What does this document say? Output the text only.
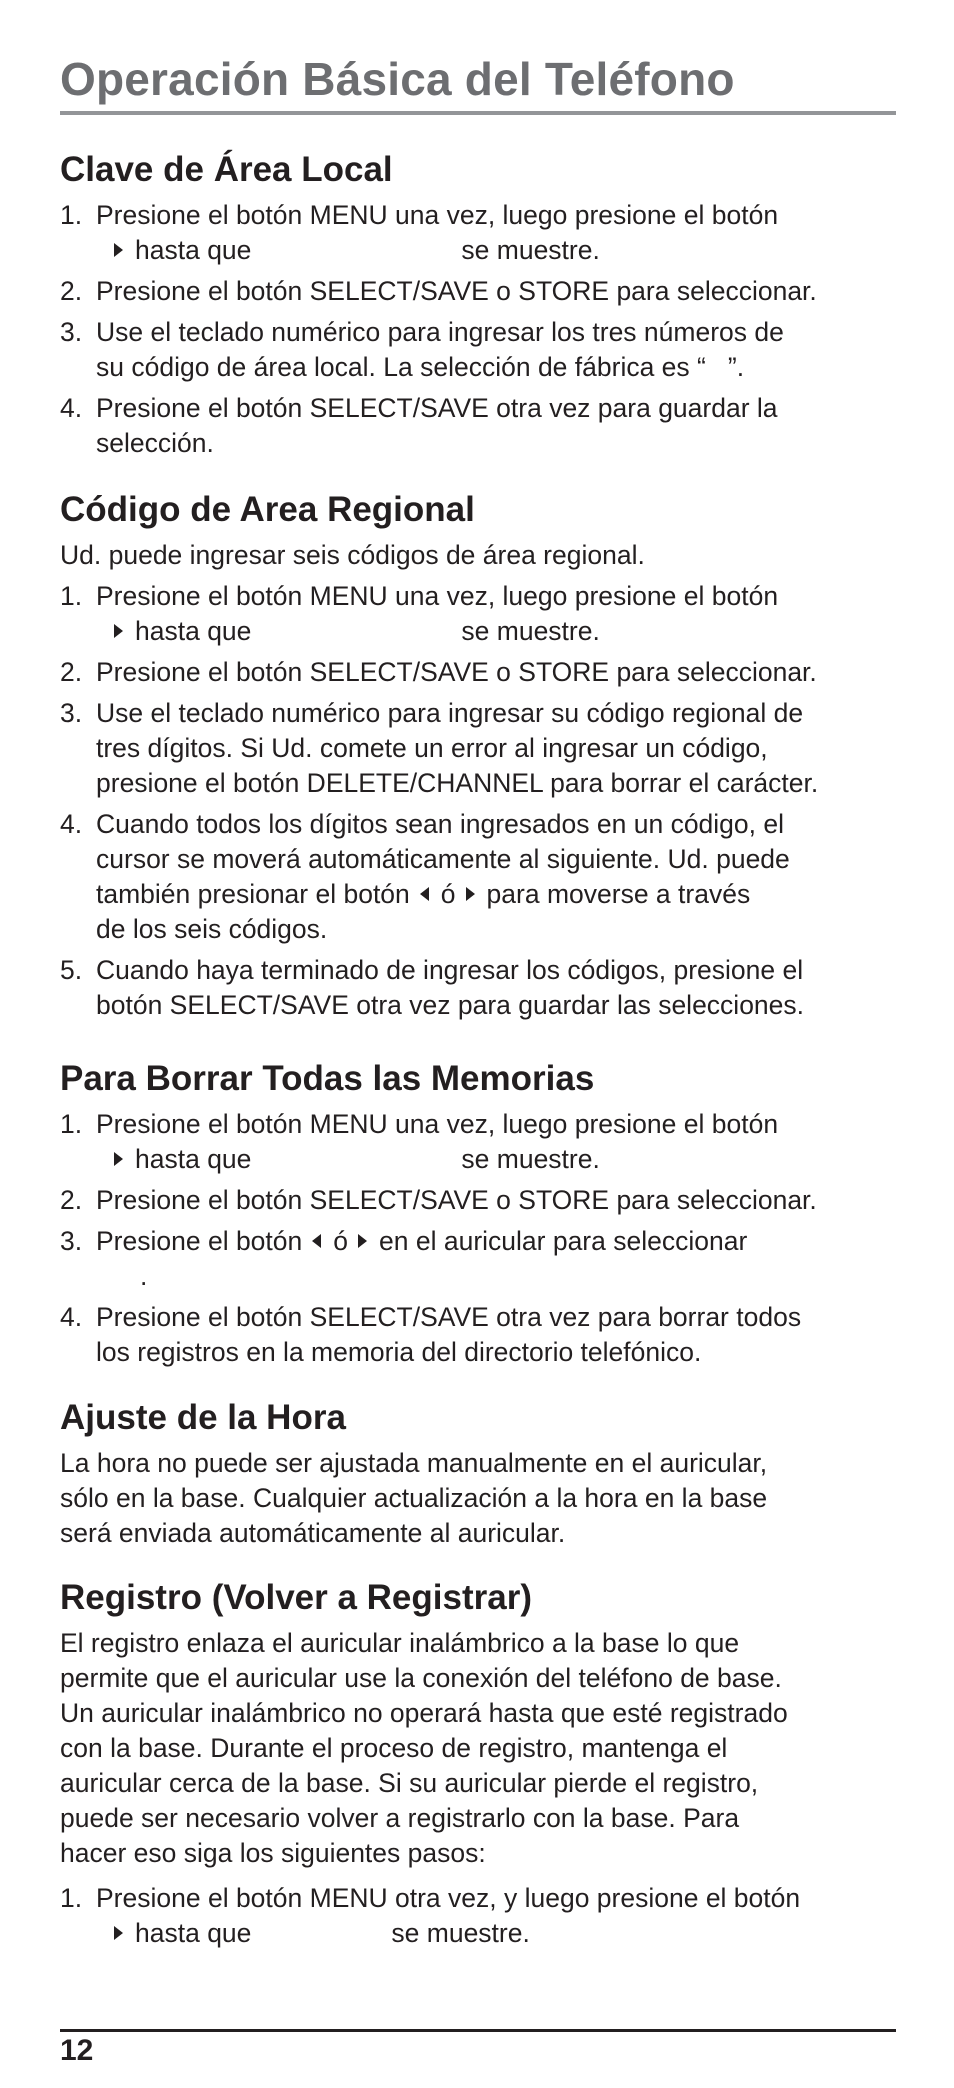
Operación Básica del Teléfono
Clave de Área Local
1. Presione el botón MENU una vez, luego presione el botón
hasta que	se muestre.
2. Presione el botón SELECT/SAVE o STORE para seleccionar.
3. Use el teclado numérico para ingresar los tres números de
su código de área local. La selección de fábrica es “ ”.
4. Presione el botón SELECT/SAVE otra vez para guardar la
selección.
Código de Area Regional

Ud. puede ingresar seis códigos de área regional.

1. Presione el botón MENU una vez, luego presione el botón
hasta que	se muestre.
2. Presione el botón SELECT/SAVE o STORE para seleccionar.
3. Use el teclado numérico para ingresar su código regional de
tres dígitos. Si Ud. comete un error al ingresar un código,
presione el botón DELETE/CHANNEL para borrar el carácter.
4. Cuando todos los dígitos sean ingresados en un código, el
cursor se moverá automáticamente al siguiente. Ud. puede
también presionar el botón ó para moverse a través
de los seis códigos.
5. Cuando haya terminado de ingresar los códigos, presione el
botón SELECT/SAVE otra vez para guardar las selecciones.
Para Borrar Todas las Memorias
1. Presione el botón MENU una vez, luego presione el botón
hasta que	se muestre.
2. Presione el botón SELECT/SAVE o STORE para seleccionar.
3. Presione el botón ó en el auricular para seleccionar
.
4. Presione el botón SELECT/SAVE otra vez para borrar todos
los registros en la memoria del directorio telefónico.
Ajuste de la Hora

La hora no puede ser ajustada manualmente en el auricular,

sólo en la base. Cualquier actualización a la hora en la base

será enviada automáticamente al auricular.

Registro (Volver a Registrar)

El registro enlaza el auricular inalámbrico a la base lo que

permite que el auricular use la conexión del teléfono de base.

Un auricular inalámbrico no operará hasta que esté registrado

con la base. Durante el proceso de registro, mantenga el

auricular cerca de la base. Si su auricular pierde el registro,

puede ser necesario volver a registrarlo con la base. Para

hacer eso siga los siguientes pasos:

1. Presione el botón MENU otra vez, y luego presione el botón
hasta que	se muestre.
12
